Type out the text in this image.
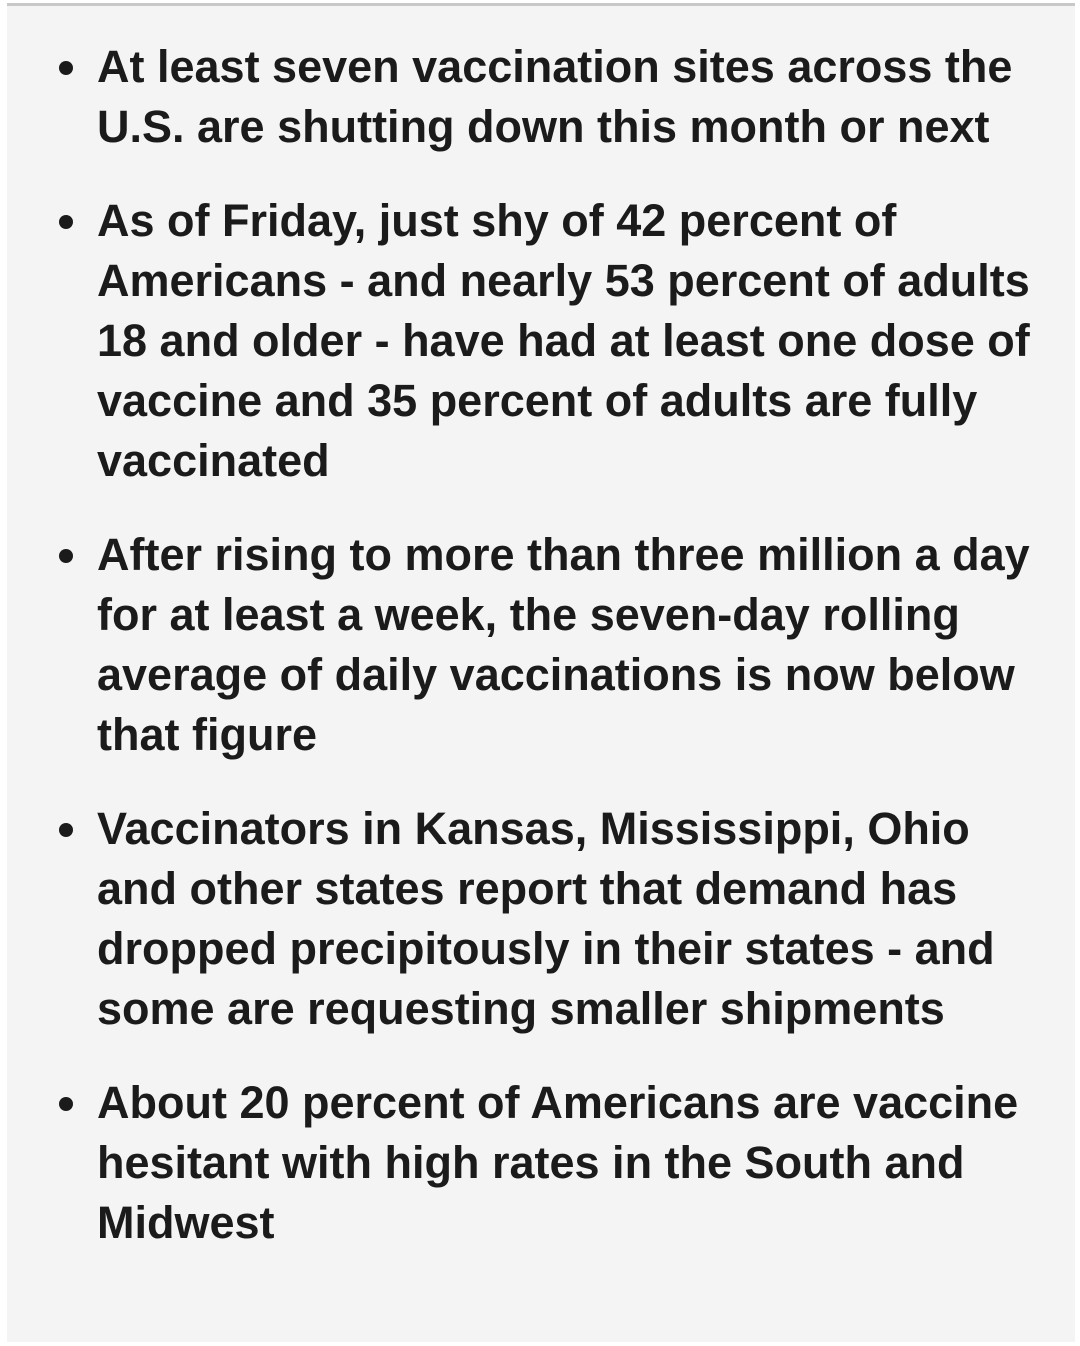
At least seven vaccination sites across the U.S. are shutting down this month or next
As of Friday, just shy of 42 percent of Americans - and nearly 53 percent of adults 18 and older - have had at least one dose of vaccine and 35 percent of adults are fully vaccinated
After rising to more than three million a day for at least a week, the seven-day rolling average of daily vaccinations is now below that figure
Vaccinators in Kansas, Mississippi, Ohio and other states report that demand has dropped precipitously in their states - and some are requesting smaller shipments
About 20 percent of Americans are vaccine hesitant with high rates in the South and Midwest
